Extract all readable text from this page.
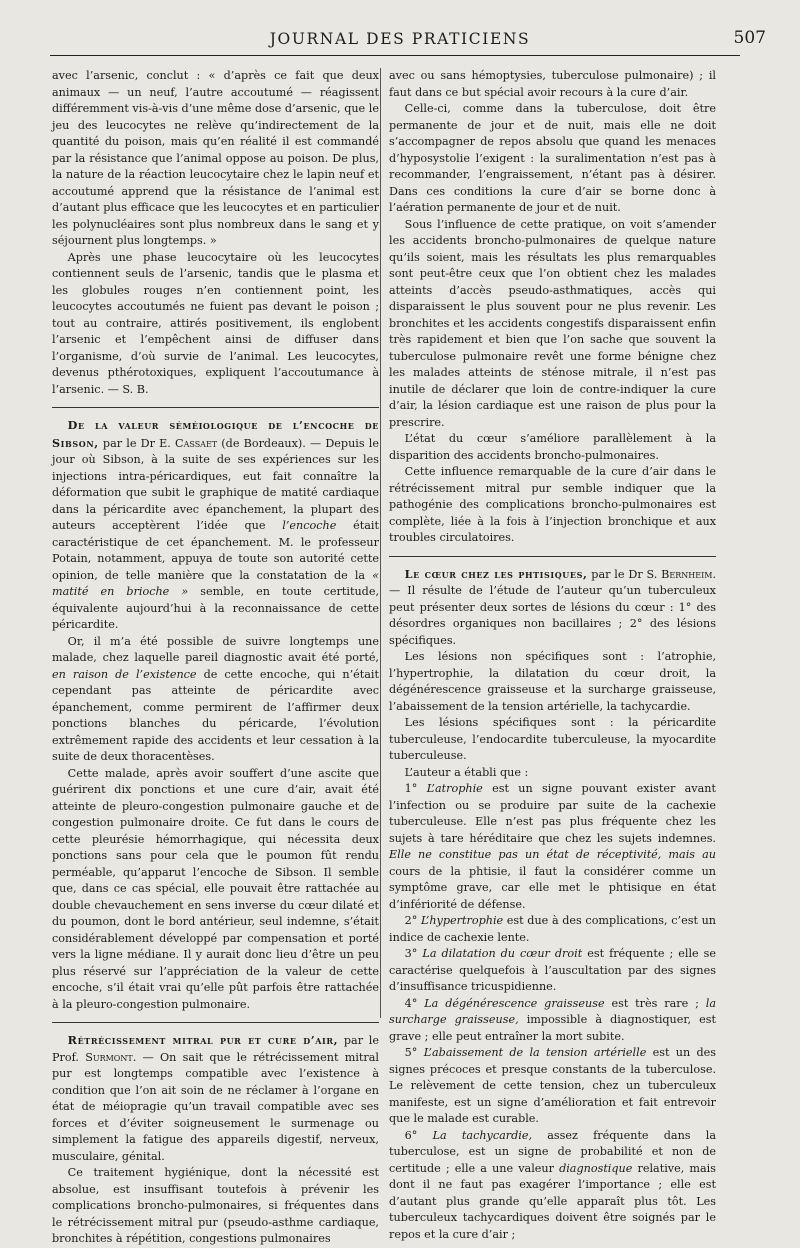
JOURNAL DES PRATICIENS	507

avec l’arsenic, conclut : « d’après ce fait que deux animaux — un neuf, l’autre accoutumé — réagissent différemment vis-à-vis d’une même dose d’arsenic, que le jeu des leucocytes ne relève qu’indirectement de la quantité du poison, mais qu’en réalité il est commandé par la résistance que l’animal oppose au poison. De plus, la nature de la réaction leucocytaire chez le lapin neuf et accoutumé apprend que la résistance de l’animal est d’autant plus efficace que les leucocytes et en particulier les polynucléaires sont plus nombreux dans le sang et y séjournent plus longtemps. »

Après une phase leucocytaire où les leucocytes contiennent seuls de l’arsenic, tandis que le plasma et les globules rouges n’en contiennent point, les leucocytes accoutumés ne fuient pas devant le poison ; tout au contraire, attirés positivement, ils englobent l’arsenic et l’empêchent ainsi de diffuser dans l’organisme, d’où survie de l’animal. Les leucocytes, devenus pthérotoxiques, expliquent l’accoutumance à l’arsenic. — S. B.

De la valeur séméiologique de l’encoche de Sibson, par le Dr E. Cassaet (de Bordeaux). — Depuis le jour où Sibson, à la suite de ses expériences sur les injections intra-péricardiques, eut fait connaître la déformation que subit le graphique de matité cardiaque dans la péricardite avec épanchement, la plupart des auteurs acceptèrent l’idée que l’encoche était caractéristique de cet épanchement. M. le professeur Potain, notamment, appuya de toute son autorité cette opinion, de telle manière que la constatation de la « matité en brioche » semble, en toute certitude, équivalente aujourd’hui à la reconnaissance de cette péricardite.

Or, il m’a été possible de suivre longtemps une malade, chez laquelle pareil diagnostic avait été porté, en raison de l’existence de cette encoche, qui n’était cependant pas atteinte de péricardite avec épanchement, comme permirent de l’affirmer deux ponctions blanches du péricarde, l’évolution extrêmement rapide des accidents et leur cessation à la suite de deux thoracentèses.

Cette malade, après avoir souffert d’une ascite que guérirent dix ponctions et une cure d’air, avait été atteinte de pleuro-congestion pulmonaire gauche et de congestion pulmonaire droite. Ce fut dans le cours de cette pleurésie hémorrhagique, qui nécessita deux ponctions sans pour cela que le poumon fût rendu perméable, qu’apparut l’encoche de Sibson. Il semble que, dans ce cas spécial, elle pouvait être rattachée au double chevauchement en sens inverse du cœur dilaté et du poumon, dont le bord antérieur, seul indemne, s’était considérablement développé par compensation et porté vers la ligne médiane. Il y aurait donc lieu d’être un peu plus réservé sur l’appréciation de la valeur de cette encoche, s’il était vrai qu’elle pût parfois être rattachée à la pleuro-congestion pulmonaire.

Rétrécissement mitral pur et cure d’air, par le Prof. Surmont. — On sait que le rétrécissement mitral pur est longtemps compatible avec l’existence à condition que l’on ait soin de ne réclamer à l’organe en état de méiopragie qu’un travail compatible avec ses forces et d’éviter soigneusement le surmenage ou simplement la fatigue des appareils digestif, nerveux, musculaire, génital.

Ce traitement hygiénique, dont la nécessité est absolue, est insuffisant toutefois à prévenir les complications broncho-pulmonaires, si fréquentes dans le rétrécissement mitral pur (pseudo-asthme cardiaque, bronchites à répétition, congestions pulmonaires

avec ou sans hémoptysies, tuberculose pulmonaire) ; il faut dans ce but spécial avoir recours à la cure d’air.

Celle-ci, comme dans la tuberculose, doit être permanente de jour et de nuit, mais elle ne doit s’accompagner de repos absolu que quand les menaces d’hyposystolie l’exigent : la suralimentation n’est pas à recommander, l’engraissement, n’étant pas à désirer. Dans ces conditions la cure d’air se borne donc à l’aération permanente de jour et de nuit.

Sous l’influence de cette pratique, on voit s’amender les accidents broncho-pulmonaires de quelque nature qu’ils soient, mais les résultats les plus remarquables sont peut-être ceux que l’on obtient chez les malades atteints d’accès pseudo-asthmatiques, accès qui disparaissent le plus souvent pour ne plus revenir. Les bronchites et les accidents congestifs disparaissent enfin très rapidement et bien que l’on sache que souvent la tuberculose pulmonaire revêt une forme bénigne chez les malades atteints de sténose mitrale, il n’est pas inutile de déclarer que loin de contre-indiquer la cure d’air, la lésion cardiaque est une raison de plus pour la prescrire.

L’état du cœur s’améliore parallèlement à la disparition des accidents broncho-pulmonaires.

Cette influence remarquable de la cure d’air dans le rétrécissement mitral pur semble indiquer que la pathogénie des complications broncho-pulmonaires est complète, liée à la fois à l’injection bronchique et aux troubles circulatoires.

Le cœur chez les phtisiques, par le Dr S. Bernheim. — Il résulte de l’étude de l’auteur qu’un tuberculeux peut présenter deux sortes de lésions du cœur : 1° des désordres organiques non bacillaires ; 2° des lésions spécifiques.

Les lésions non spécifiques sont : l’atrophie, l’hypertrophie, la dilatation du cœur droit, la dégénérescence graisseuse et la surcharge graisseuse, l’abaissement de la tension artérielle, la tachycardie.

Les lésions spécifiques sont : la péricardite tuberculeuse, l’endocardite tuberculeuse, la myocardite tuberculeuse.

L’auteur a établi que :

1° L’atrophie est un signe pouvant exister avant l’infection ou se produire par suite de la cachexie tuberculeuse. Elle n’est pas plus fréquente chez les sujets à tare héréditaire que chez les sujets indemnes. Elle ne constitue pas un état de réceptivité, mais au cours de la phtisie, il faut la considérer comme un symptôme grave, car elle met le phtisique en état d’infériorité de défense.

2° L’hypertrophie est due à des complications, c’est un indice de cachexie lente.

3° La dilatation du cœur droit est fréquente ; elle se caractérise quelquefois à l’auscultation par des signes d’insuffisance tricuspidienne.

4° La dégénérescence graisseuse est très rare ; la surcharge graisseuse, impossible à diagnostiquer, est grave ; elle peut entraîner la mort subite.

5° L’abaissement de la tension artérielle est un des signes précoces et presque constants de la tuberculose. Le relèvement de cette tension, chez un tuberculeux manifeste, est un signe d’amélioration et fait entrevoir que le malade est curable.

6° La tachycardie, assez fréquente dans la tuberculose, est un signe de probabilité et non de certitude ; elle a une valeur diagnostique relative, mais dont il ne faut pas exagérer l’importance ; elle est d’autant plus grande qu’elle apparaît plus tôt. Les tuberculeux tachycardiques doivent être soignés par le repos et la cure d’air ;
